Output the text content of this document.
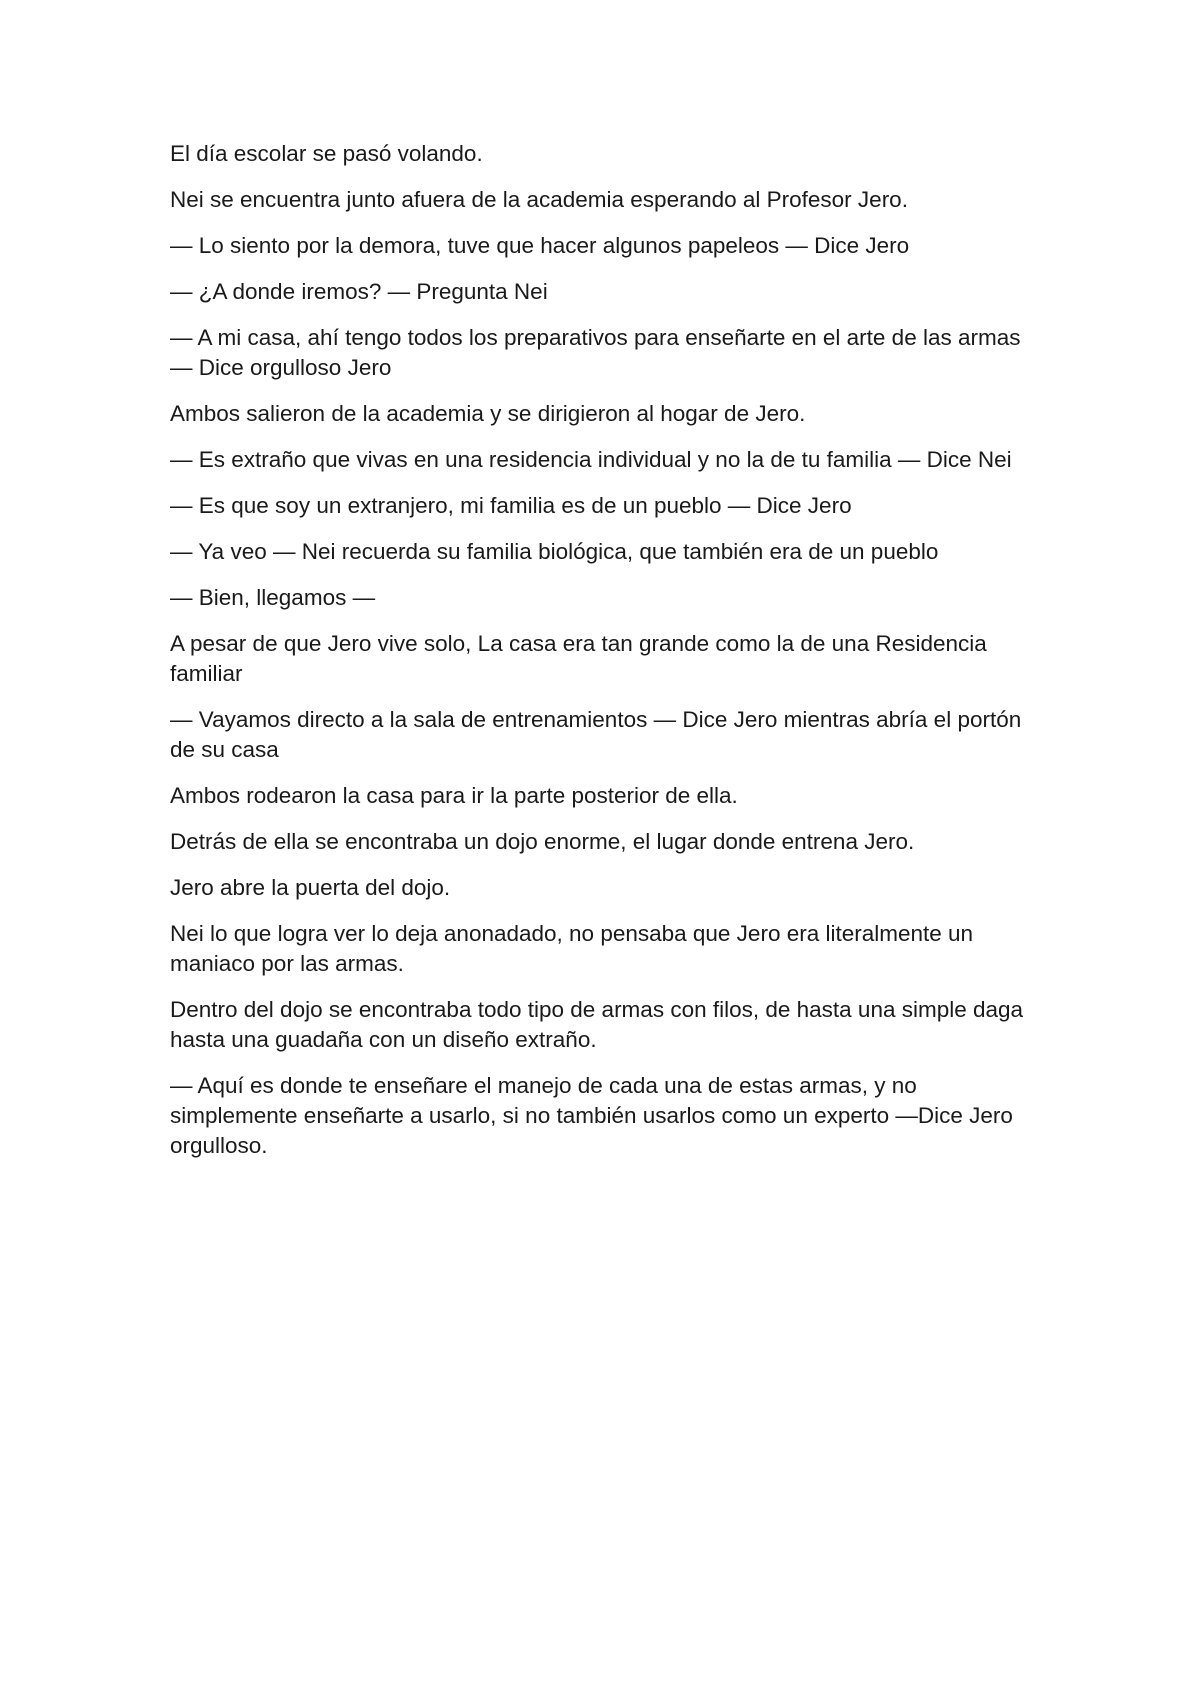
El día escolar se pasó volando.

Nei se encuentra junto afuera de la academia esperando al Profesor Jero.

— Lo siento por la demora, tuve que hacer algunos papeleos — Dice Jero

— ¿A donde iremos? — Pregunta Nei

— A mi casa, ahí tengo todos los preparativos para enseñarte en el arte de las armas — Dice orgulloso Jero

Ambos salieron de la academia y se dirigieron al hogar de Jero.

— Es extraño que vivas en una residencia individual y no la de tu familia — Dice Nei

— Es que soy un extranjero, mi familia es de un pueblo — Dice Jero

— Ya veo — Nei recuerda su familia biológica, que también era de un pueblo

— Bien, llegamos —

A pesar de que Jero vive solo, La casa era tan grande como la de una Residencia familiar

— Vayamos directo a la sala de entrenamientos — Dice Jero mientras abría el portón de su casa

Ambos rodearon la casa para ir la parte posterior de ella.

Detrás de ella se encontraba un dojo enorme, el lugar donde entrena Jero.

Jero abre la puerta del dojo.

Nei lo que logra ver lo deja anonadado, no pensaba que Jero era literalmente un maniaco por las armas.

Dentro del dojo se encontraba todo tipo de armas con filos, de hasta una simple daga hasta una guadaña con un diseño extraño.

— Aquí es donde te enseñare el manejo de cada una de estas armas, y no simplemente enseñarte a usarlo, si no también usarlos como un experto —Dice Jero orgulloso.
